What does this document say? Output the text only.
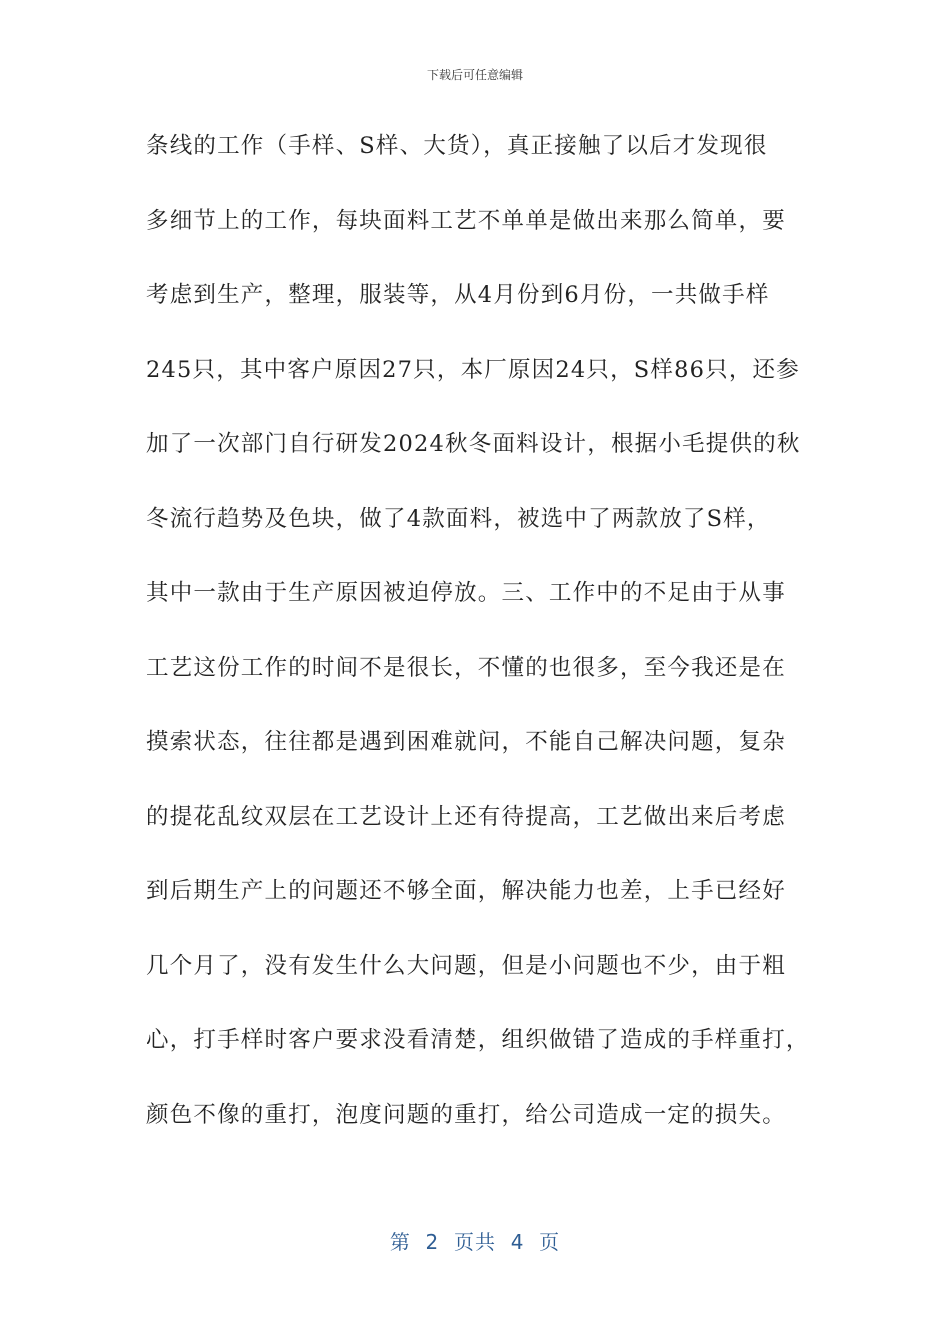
下载后可任意编辑
条线的工作（手样、S样、大货），真正接触了以后才发现很
多细节上的工作，每块面料工艺不单单是做出来那么简单，要
考虑到生产，整理，服装等，从4月份到6月份，一共做手样
245只，其中客户原因27只，本厂原因24只，S样86只，还参
加了一次部门自行研发2024秋冬面料设计，根据小毛提供的秋
冬流行趋势及色块，做了4款面料，被选中了两款放了S样，
其中一款由于生产原因被迫停放。三、工作中的不足由于从事
工艺这份工作的时间不是很长，不懂的也很多，至今我还是在
摸索状态，往往都是遇到困难就问，不能自己解决问题，复杂
的提花乱纹双层在工艺设计上还有待提高，工艺做出来后考虑
到后期生产上的问题还不够全面，解决能力也差，上手已经好
几个月了，没有发生什么大问题，但是小问题也不少，由于粗
心，打手样时客户要求没看清楚，组织做错了造成的手样重打，
颜色不像的重打，泡度问题的重打，给公司造成一定的损失。
第  2  页共  4  页
